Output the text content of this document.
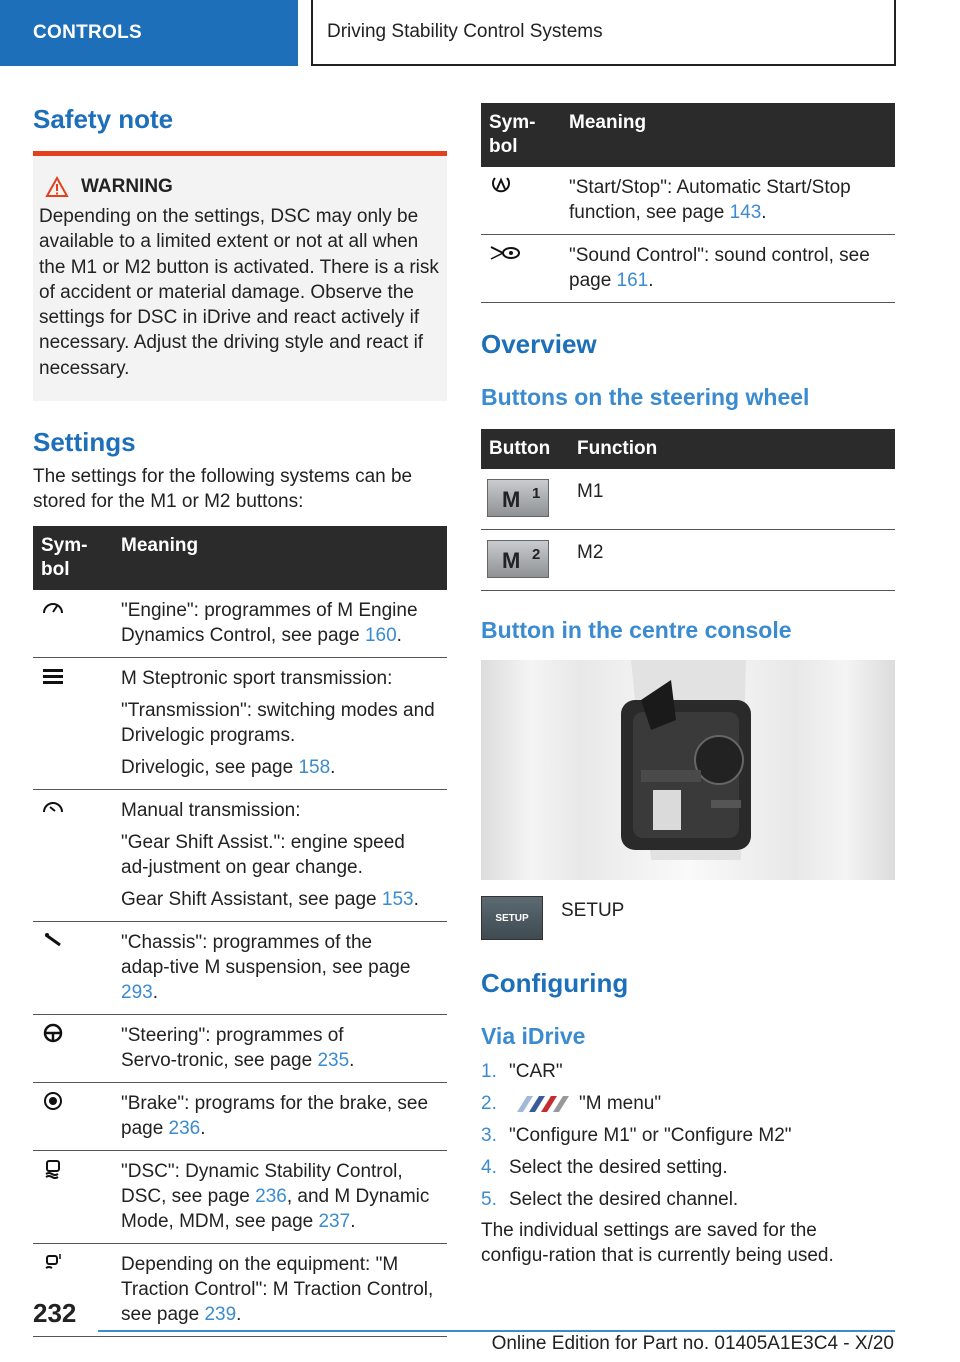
CONTROLS	Driving Stability Control Systems
Safety note
WARNING
Depending on the settings, DSC may only be available to a limited extent or not at all when the M1 or M2 button is activated. There is a risk of accident or material damage. Observe the settings for DSC in iDrive and react actively if necessary. Adjust the driving style and react if necessary.
Settings

The settings for the following systems can be stored for the M1 or M2 buttons:

Sym-
bol	Meaning
	"Engine": programmes of M Engine Dynamics Control, see page 160.

M Steptronic sport transmission:
"Transmission": switching modes and Drivelogic programs.
Drivelogic, see page 158.

Manual transmission:
"Gear Shift Assist.": engine speed ad‑justment on gear change.
Gear Shift Assistant, see page 153.

	"Chassis": programmes of the adap‑tive M suspension, see page 293.
	"Steering": programmes of Servo‑tronic, see page 235.
	"Brake": programs for the brake, see page 236.
	"DSC": Dynamic Stability Control, DSC, see page 236, and M Dynamic Mode, MDM, see page 237.
	Depending on the equipment: "M Traction Control": M Traction Control, see page 239.
Sym-
bol	Meaning
	"Start/Stop": Automatic Start/Stop function, see page 143.
	"Sound Control": sound control, see page 161.
Overview
Buttons on the steering wheel
Button	Function

M 1	M1

M 2	M2
Button in the centre console
SETUP SETUP

Configuring
Via iDrive
1. "CAR"
2.	"M menu"
3. "Configure M1" or "Configure M2"
4. Select the desired setting.
5. Select the desired channel.

The individual settings are saved for the configu‑ration that is currently being used.

232
Online Edition for Part no. 01405A1E3C4 - X/20
